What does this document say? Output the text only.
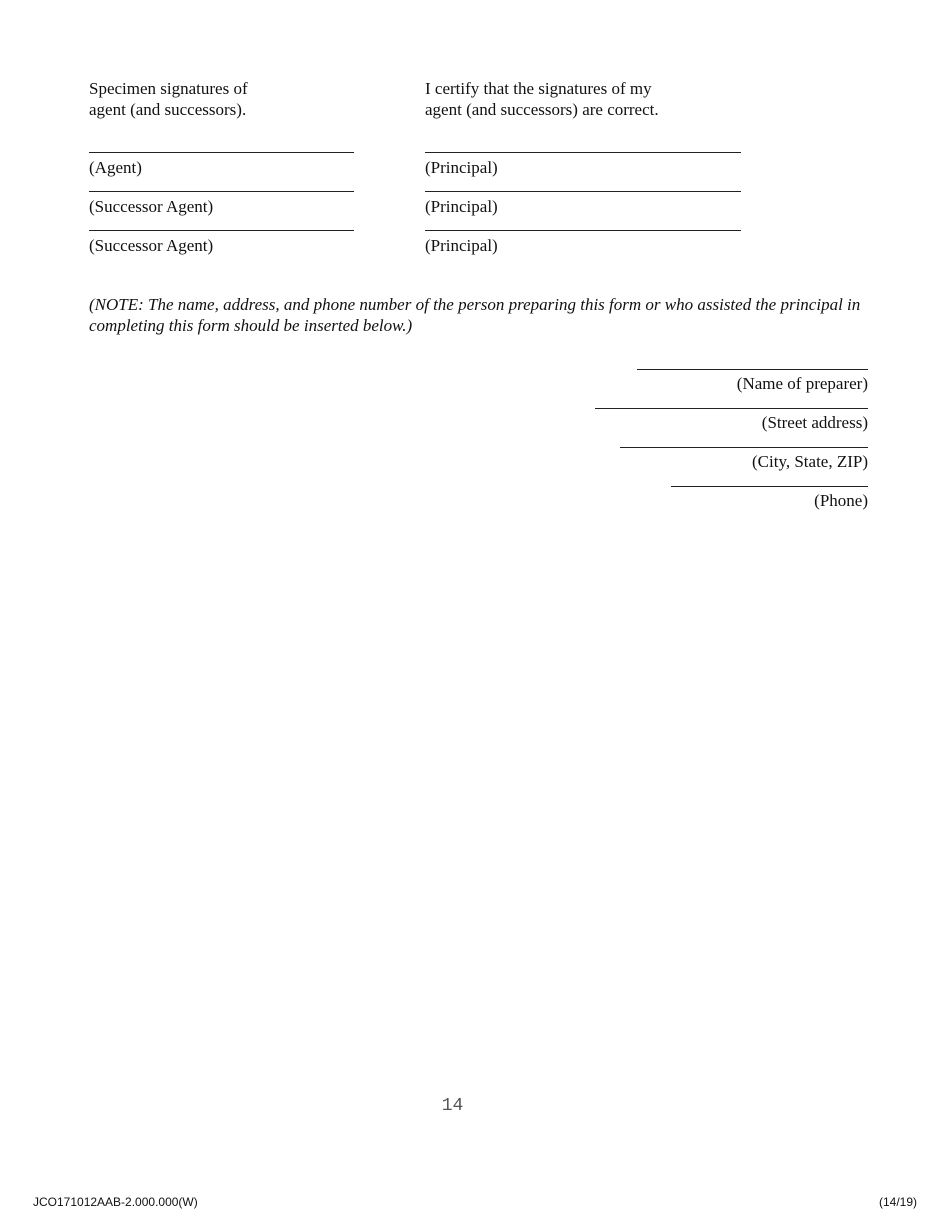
Specimen signatures of
agent (and successors).
I certify that the signatures of my
agent (and successors) are correct.
(Agent)	(Principal)
(Successor Agent)	(Principal)
(Successor Agent)	(Principal)
(NOTE: The name, address, and phone number of the person preparing this form or who assisted the principal in
completing this form should be inserted below.)
(Name of preparer)
(Street address)
(City, State, ZIP)
(Phone)
14
JCO171012AAB-2.000.000(W)	(14/19)
